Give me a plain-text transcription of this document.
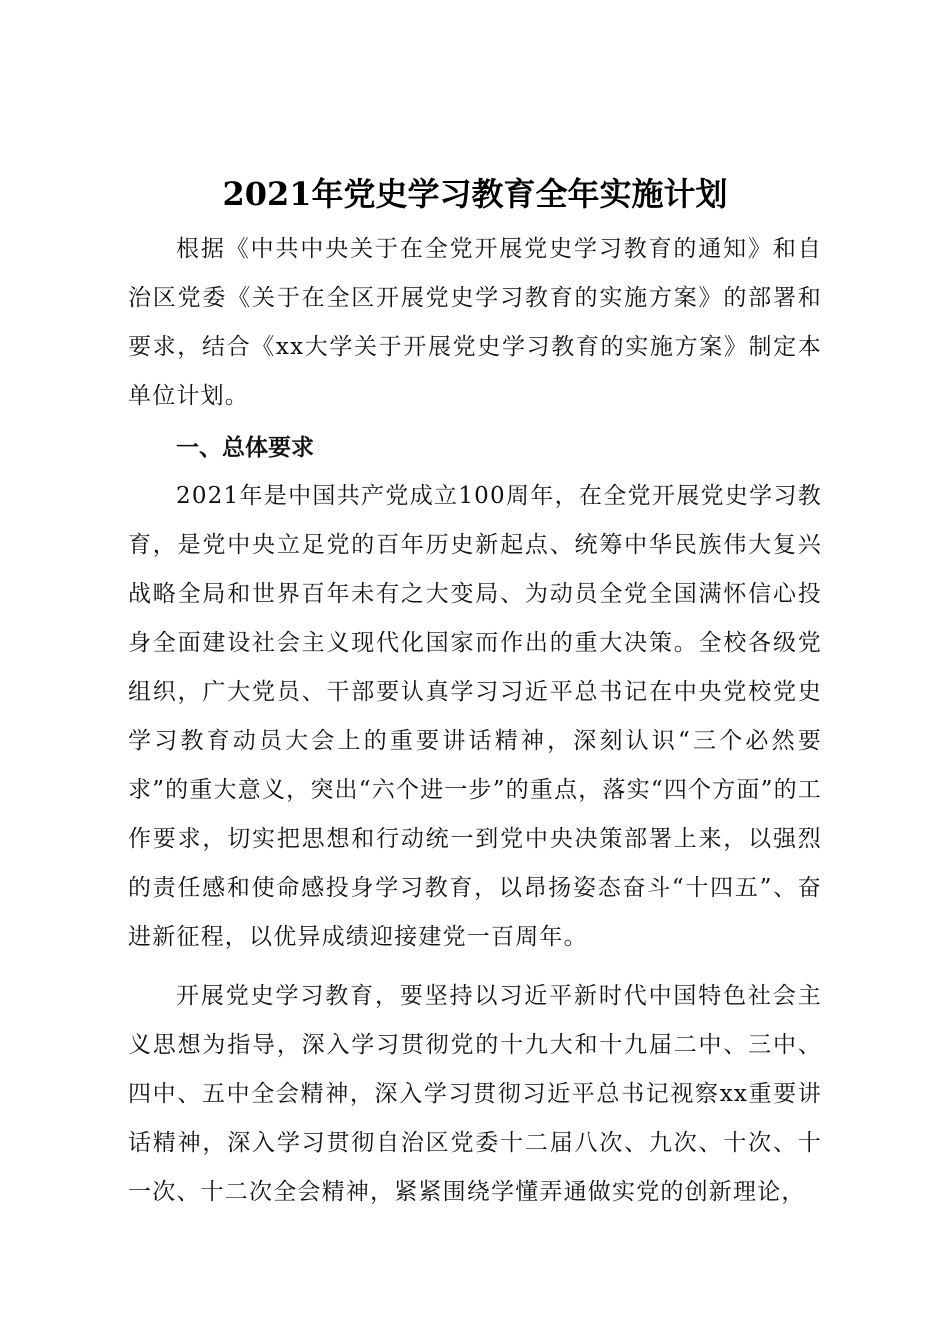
2021年党史学习教育全年实施计划

根据《中共中央关于在全党开展党史学习教育的通知》和自治区党委《关于在全区开展党史学习教育的实施方案》的部署和要求，结合《xx大学关于开展党史学习教育的实施方案》制定本单位计划。

一、总体要求

2021年是中国共产党成立100周年，在全党开展党史学习教育，是党中央立足党的百年历史新起点、统筹中华民族伟大复兴战略全局和世界百年未有之大变局、为动员全党全国满怀信心投身全面建设社会主义现代化国家而作出的重大决策。全校各级党组织，广大党员、干部要认真学习习近平总书记在中央党校党史学习教育动员大会上的重要讲话精神，深刻认识“三个必然要求”的重大意义，突出“六个进一步”的重点，落实“四个方面”的工作要求，切实把思想和行动统一到党中央决策部署上来，以强烈的责任感和使命感投身学习教育，以昂扬姿态奋斗“十四五”、奋进新征程，以优异成绩迎接建党一百周年。

开展党史学习教育，要坚持以习近平新时代中国特色社会主义思想为指导，深入学习贯彻党的十九大和十九届二中、三中、四中、五中全会精神，深入学习贯彻习近平总书记视察xx重要讲话精神，深入学习贯彻自治区党委十二届八次、九次、十次、十一次、十二次全会精神，紧紧围绕学懂弄通做实党的创新理论，
